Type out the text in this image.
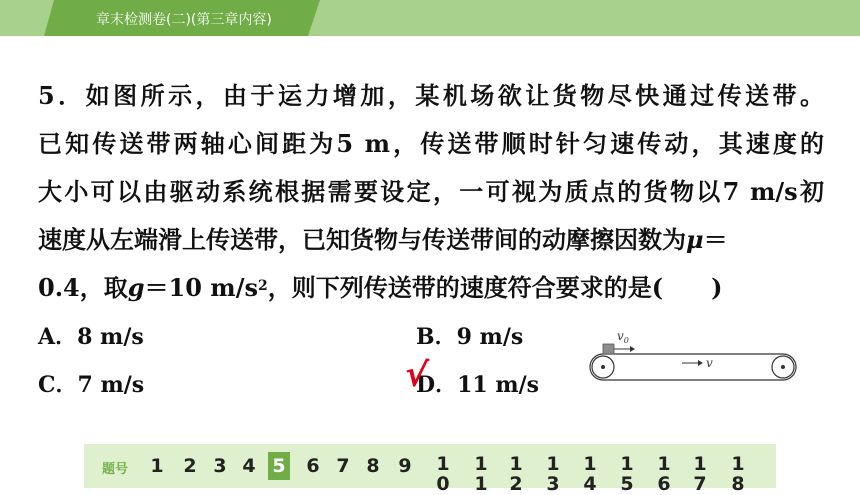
章末检测卷(二)(第三章内容)
5．如图所示，由于运力增加，某机场欲让货物尽快通过传送带。
已知传送带两轴心间距为5 m，传送带顺时针匀速传动，其速度的
大小可以由驱动系统根据需要设定，一可视为质点的货物以7 m/s初
速度从左端滑上传送带，已知货物与传送带间的动摩擦因数为μ＝
0.4，取g＝10 $m/s^2$，则下列传送带的速度符合要求的是(　　)
A．8 m/s	B．9 m/s
C．7 m/s	D．11 m/s
√
$v_0$
v
题号 1 2 3 4 5 6 7 8 9 1
0
1
1
1
2
1
3
1
4
1
5
1
6
1
7
1
8
